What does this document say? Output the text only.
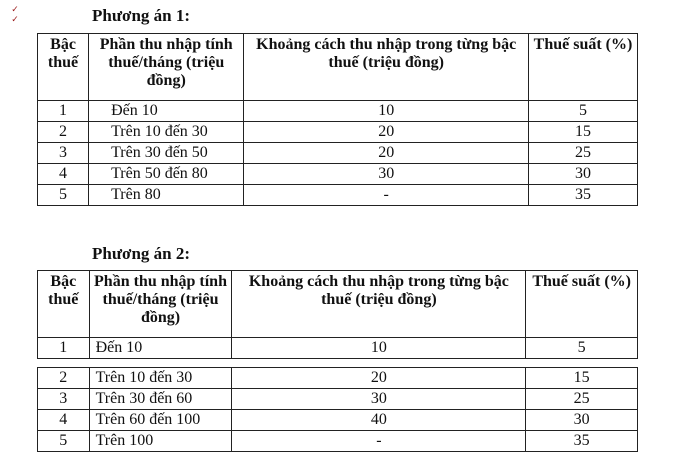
✓
✓	Phương án 1:
Bậc thuế	Phần thu nhập tính thuế/tháng (triệu đồng)	Khoảng cách thu nhập trong từng bậc thuế (triệu đồng)	Thuế suất (%)
1	Đến 10	10	5
2	Trên 10 đến 30	20	15
3	Trên 30 đến 50	20	25
4	Trên 50 đến 80	30	30
5	Trên 80	-	35
Phương án 2:
Bậc thuế	Phần thu nhập tính thuế/tháng (triệu đồng)	Khoảng cách thu nhập trong từng bậc thuế (triệu đồng)	Thuế suất (%)
1	Đến 10	10	5

2	Trên 10 đến 30	20	15
3	Trên 30 đến 60	30	25
4	Trên 60 đến 100	40	30
5	Trên 100	-	35
